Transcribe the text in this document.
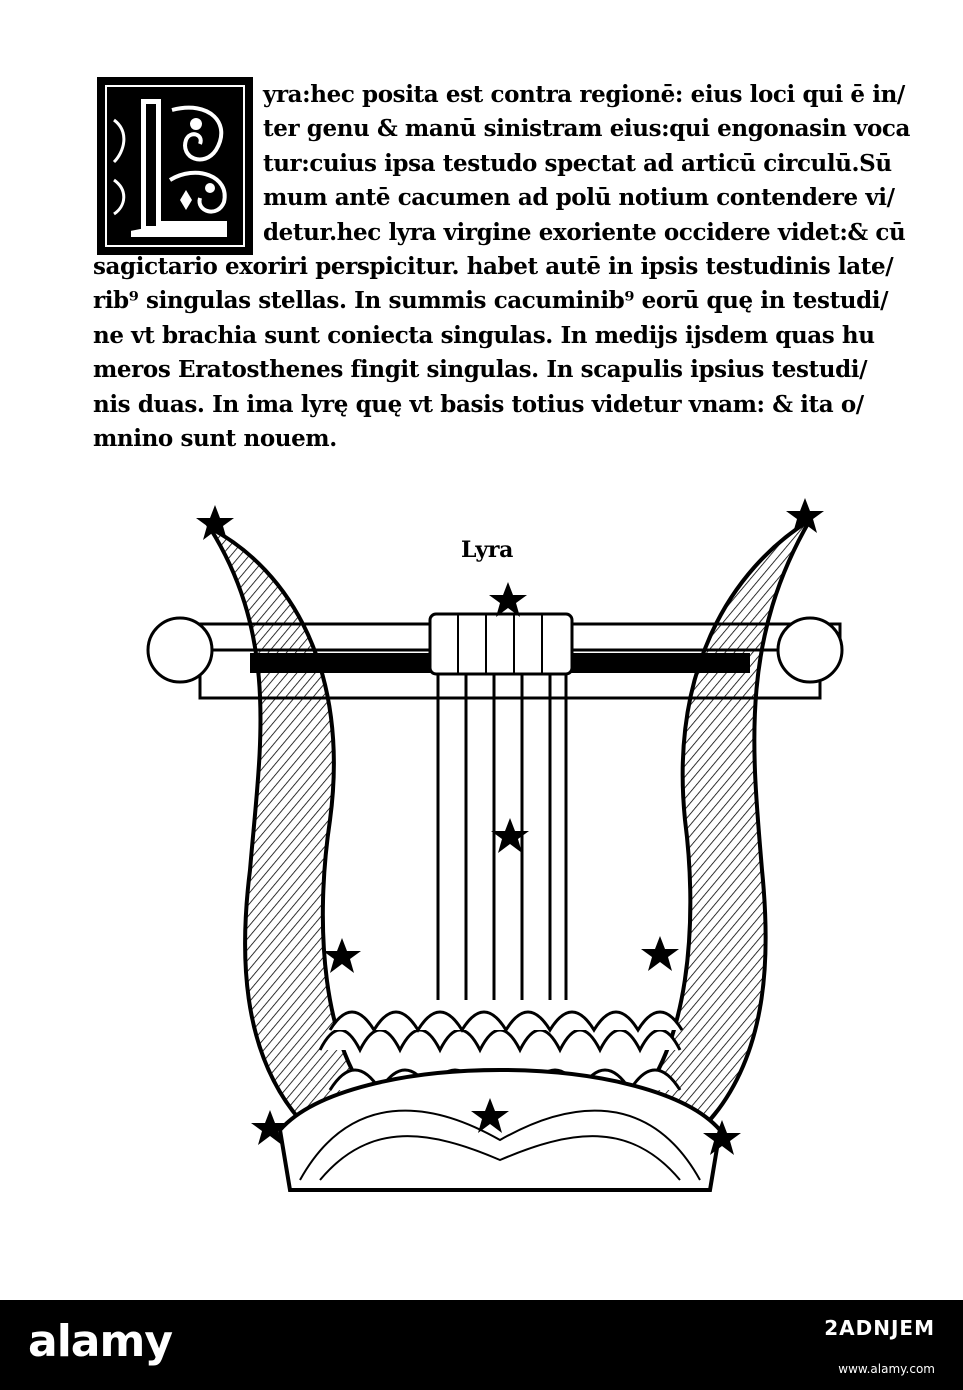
yra:hec posita est contra regionē: eius loci qui ē in/
ter genu & manū sinistram eius:qui engonasin voca
tur:cuius ipsa testudo spectat ad articū circulū.Sū
mum antē cacumen ad polū notium contendere vi/
detur.hec lyra virgine exoriente occidere videt:& cū
sagictario exoriri perspicitur. habet autē in ipsis testudinis late/
rib⁹ singulas stellas. In summis cacuminib⁹ eorū quę in testudi/
ne vt brachia sunt coniecta singulas. In medijs ijsdem quas hu
meros Eratosthenes fingit singulas. In scapulis ipsius testudi/
nis duas. In ima lyrę quę vt basis totius videtur vnam: & ita o/
mnino sunt nouem.
Lyra
alamy	2ADNJEM
www.alamy.com
